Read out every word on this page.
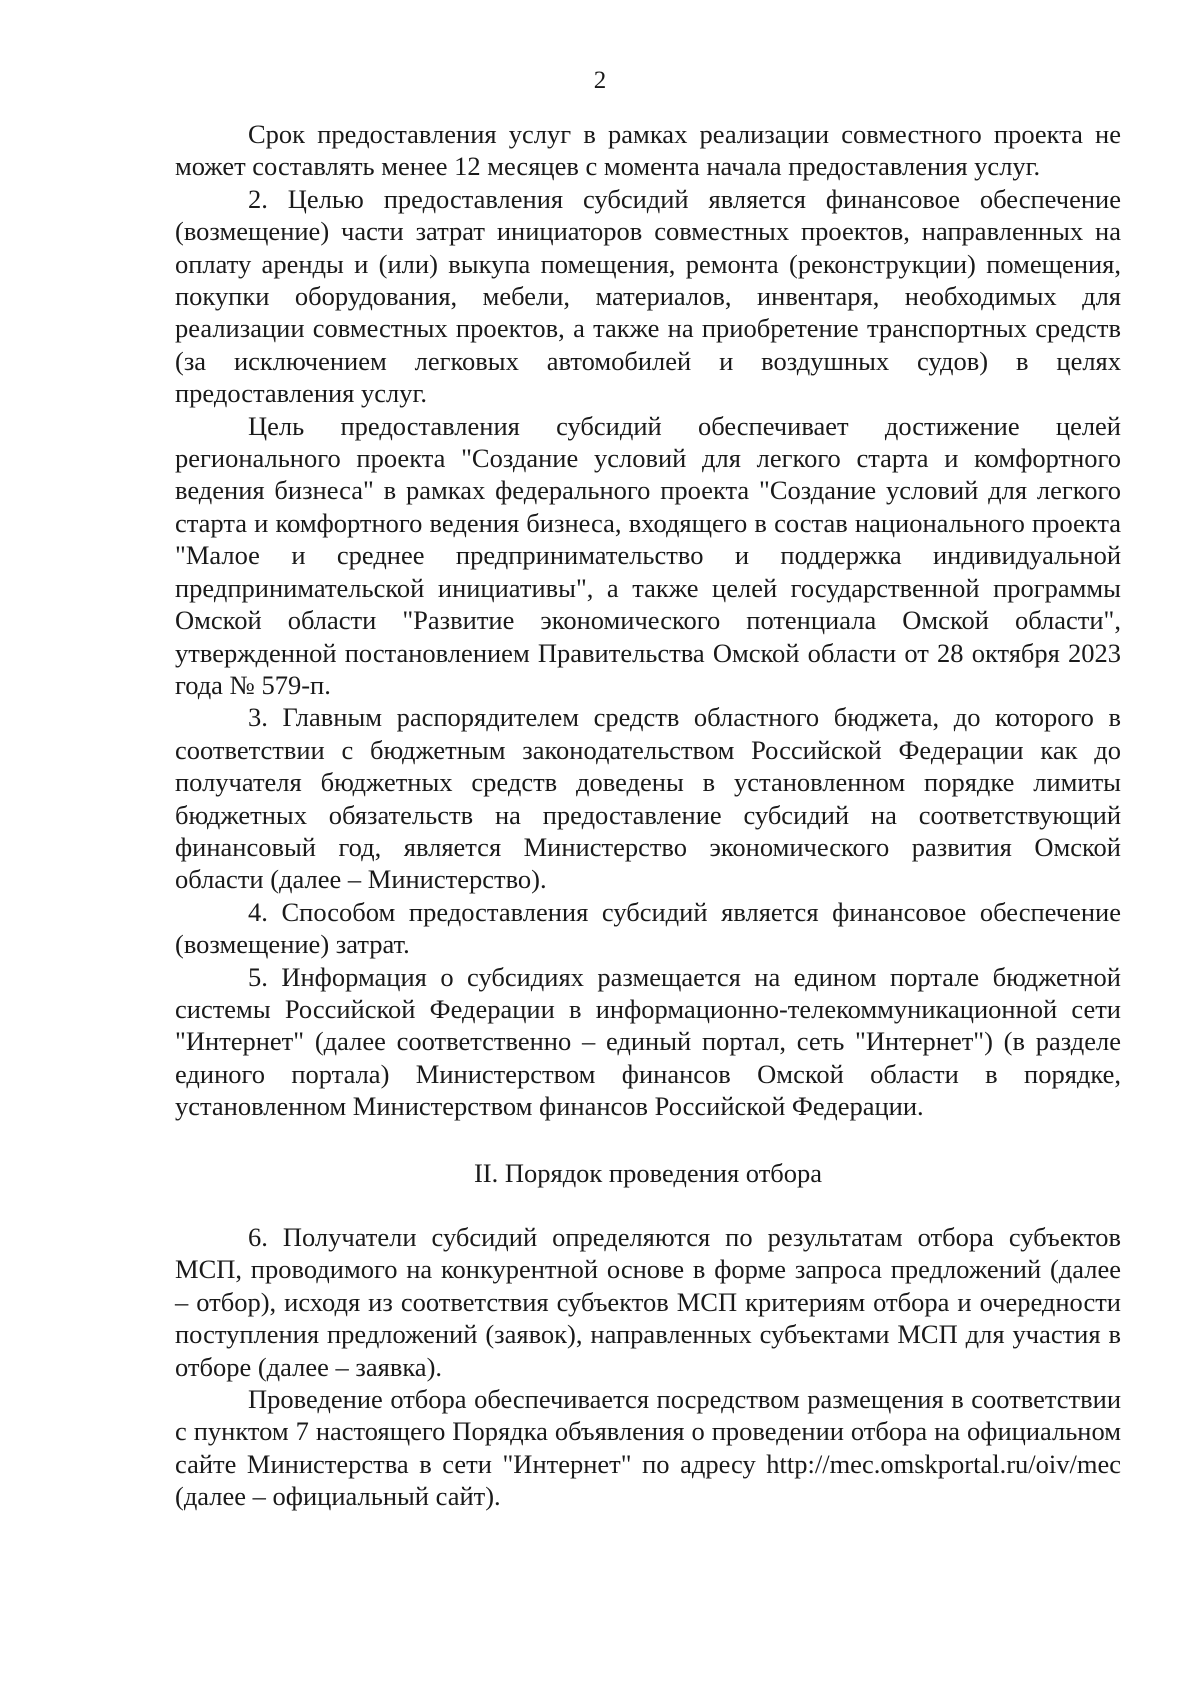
2

Срок предоставления услуг в рамках реализации совместного проекта не может составлять менее 12 месяцев с момента начала предоставления услуг.

2. Целью предоставления субсидий является финансовое обеспечение (возмещение) части затрат инициаторов совместных проектов, направленных на оплату аренды и (или) выкупа помещения, ремонта (реконструкции) помещения, покупки оборудования, мебели, материалов, инвентаря, необходимых для реализации совместных проектов, а также на приобретение транспортных средств (за исключением легковых автомобилей и воздушных судов) в целях предоставления услуг.

Цель предоставления субсидий обеспечивает достижение целей регионального проекта "Создание условий для легкого старта и комфортного ведения бизнеса" в рамках федерального проекта "Создание условий для легкого старта и комфортного ведения бизнеса, входящего в состав национального проекта "Малое и среднее предпринимательство и поддержка индивидуальной предпринимательской инициативы", а также целей государственной программы Омской области "Развитие экономического потенциала Омской области", утвержденной постановлением Правительства Омской области от 28 октября 2023 года № 579-п.

3. Главным распорядителем средств областного бюджета, до которого в соответствии с бюджетным законодательством Российской Федерации как до получателя бюджетных средств доведены в установленном порядке лимиты бюджетных обязательств на предоставление субсидий на соответствующий финансовый год, является Министерство экономического развития Омской области (далее – Министерство).

4. Способом предоставления субсидий является финансовое обеспечение (возмещение) затрат.

5. Информация о субсидиях размещается на едином портале бюджетной системы Российской Федерации в информационно-телекоммуникационной сети "Интернет" (далее соответственно – единый портал, сеть "Интернет") (в разделе единого портала) Министерством финансов Омской области в порядке, установленном Министерством финансов Российской Федерации.

II. Порядок проведения отбора

6. Получатели субсидий определяются по результатам отбора субъектов МСП, проводимого на конкурентной основе в форме запроса предложений (далее – отбор), исходя из соответствия субъектов МСП критериям отбора и очередности поступления предложений (заявок), направленных субъектами МСП для участия в отборе (далее – заявка).

Проведение отбора обеспечивается посредством размещения в соответствии с пунктом 7 настоящего Порядка объявления о проведении отбора на официальном сайте Министерства в сети "Интернет" по адресу http://mec.omskportal.ru/oiv/mec (далее – официальный сайт).
